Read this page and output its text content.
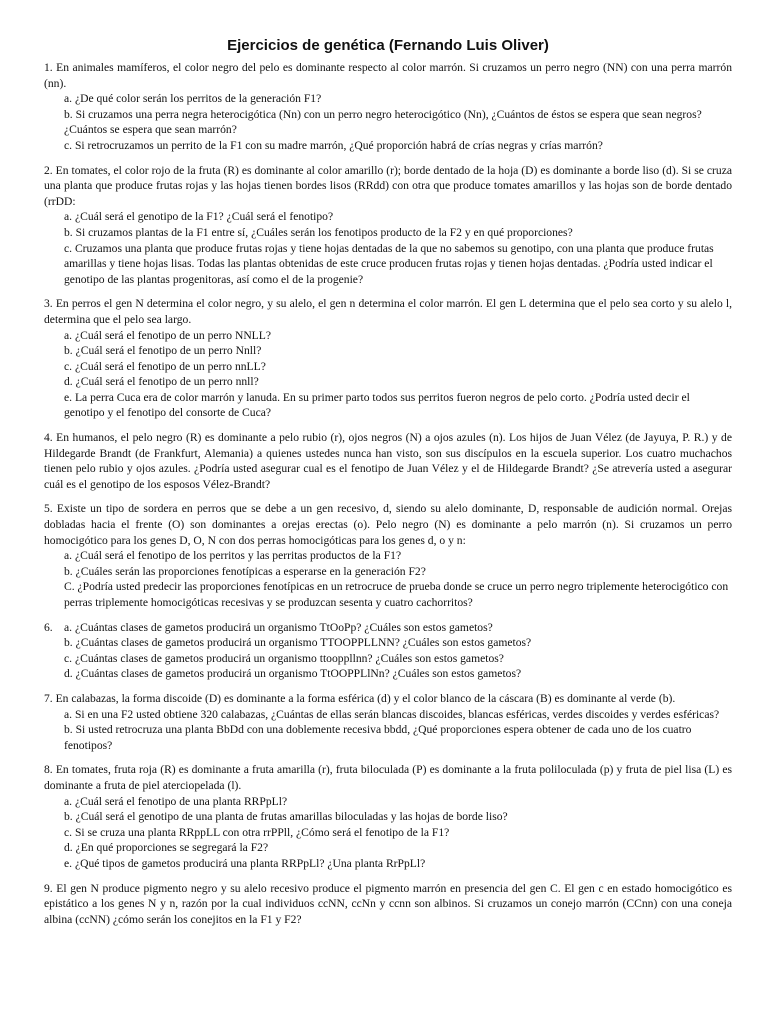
Ejercicios de genética (Fernando Luis Oliver)

1. En animales mamíferos, el color negro del pelo es dominante respecto al color marrón. Si cruzamos un perro negro (NN) con una perra marrón (nn).

a. ¿De qué color serán los perritos de la generación F1?
b. Si cruzamos una perra negra heterocigótica (Nn) con un perro negro heterocigótico (Nn), ¿Cuántos de éstos se espera que sean negros? ¿Cuántos se espera que sean marrón?
c. Si retrocruzamos un perrito de la F1 con su madre marrón, ¿Qué proporción habrá de crías negras y crías marrón?

2. En tomates, el color rojo de la fruta (R) es dominante al color amarillo (r); borde dentado de la hoja (D) es dominante a borde liso (d). Si se cruza una planta que produce frutas rojas y las hojas tienen bordes lisos (RRdd) con otra que produce tomates amarillos y las hojas son de borde dentado (rrDD:

a. ¿Cuál será el genotipo de la F1? ¿Cuál será el fenotipo?
b. Si cruzamos plantas de la F1 entre sí, ¿Cuáles serán los fenotipos producto de la F2 y en qué proporciones?
c. Cruzamos una planta que produce frutas rojas y tiene hojas dentadas de la que no sabemos su genotipo, con una planta que produce frutas amarillas y tiene hojas lisas. Todas las plantas obtenidas de este cruce producen frutas rojas y tienen hojas dentadas. ¿Podría usted indicar el genotipo de las plantas progenitoras, así como el de la progenie?

3. En perros el gen N determina el color negro, y su alelo, el gen n determina el color marrón. El gen L determina que el pelo sea corto y su alelo l, determina que el pelo sea largo.

a. ¿Cuál será el fenotipo de un perro NNLL?
b. ¿Cuál será el fenotipo de un perro Nnll?
c. ¿Cuál será el fenotipo de un perro nnLL?
d. ¿Cuál será el fenotipo de un perro nnll?
e. La perra Cuca era de color marrón y lanuda. En su primer parto todos sus perritos fueron negros de pelo corto. ¿Podría usted decir el genotipo y el fenotipo del consorte de Cuca?

4. En humanos, el pelo negro (R) es dominante a pelo rubio (r), ojos negros (N) a ojos azules (n). Los hijos de Juan Vélez (de Jayuya, P. R.) y de Hildegarde Brandt (de Frankfurt, Alemania) a quienes ustedes nunca han visto, son sus discípulos en la escuela superior. Los cuatro muchachos tienen pelo rubio y ojos azules. ¿Podría usted asegurar cual es el fenotipo de Juan Vélez y el de Hildegarde Brandt? ¿Se atrevería usted a asegurar cuál es el genotipo de los esposos Vélez-Brandt?

5. Existe un tipo de sordera en perros que se debe a un gen recesivo, d, siendo su alelo dominante, D, responsable de audición normal. Orejas dobladas hacia el frente (O) son dominantes a orejas erectas (o). Pelo negro (N) es dominante a pelo marrón (n). Si cruzamos un perro homocigótico para los genes D, O, N con dos perras homocigóticas para los genes d, o y n:

a. ¿Cuál será el fenotipo de los perritos y las perritas productos de la F1?
b. ¿Cuáles serán las proporciones fenotípicas a esperarse en la generación F2?
C. ¿Podría usted predecir las proporciones fenotípicas en un retrocruce de prueba donde se cruce un perro negro triplemente heterocigótico con perras triplemente homocigóticas recesivas y se produzcan sesenta y cuatro cachorritos?

6. a. ¿Cuántas clases de gametos producirá un organismo TtOoPp? ¿Cuáles son estos gametos?

b. ¿Cuántas clases de gametos producirá un organismo TTOOPPLLNN? ¿Cuáles son estos gametos?
c. ¿Cuántas clases de gametos producirá un organismo ttooppllnn? ¿Cuáles son estos gametos?
d. ¿Cuántas clases de gametos producirá un organismo TtOOPPLlNn? ¿Cuáles son estos gametos?

7. En calabazas, la forma discoide (D) es dominante a la forma esférica (d) y el color blanco de la cáscara (B) es dominante al verde (b).

a. Si en una F2 usted obtiene 320 calabazas, ¿Cuántas de ellas serán blancas discoides, blancas esféricas, verdes discoides y verdes esféricas?
b. Si usted retrocruza una planta BbDd con una doblemente recesiva bbdd, ¿Qué proporciones espera obtener de cada uno de los cuatro fenotipos?

8. En tomates, fruta roja (R) es dominante a fruta amarilla (r), fruta biloculada (P) es dominante a la fruta poliloculada (p) y fruta de piel lisa (L) es dominante a fruta de piel aterciopelada (l).

a. ¿Cuál será el fenotipo de una planta RRPpLl?
b. ¿Cuál será el genotipo de una planta de frutas amarillas biloculadas y las hojas de borde liso?
c. Si se cruza una planta RRppLL con otra rrPPll, ¿Cómo será el fenotipo de la F1?
d. ¿En qué proporciones se segregará la F2?
e. ¿Qué tipos de gametos producirá una planta RRPpLl? ¿Una planta RrPpLl?

9. El gen N produce pigmento negro y su alelo recesivo produce el pigmento marrón en presencia del gen C. El gen c en estado homocigótico es epistático a los genes N y n, razón por la cual individuos ccNN, ccNn y ccnn son albinos. Si cruzamos un conejo marrón (CCnn) con una coneja albina (ccNN) ¿cómo serán los conejitos en la F1 y F2?
